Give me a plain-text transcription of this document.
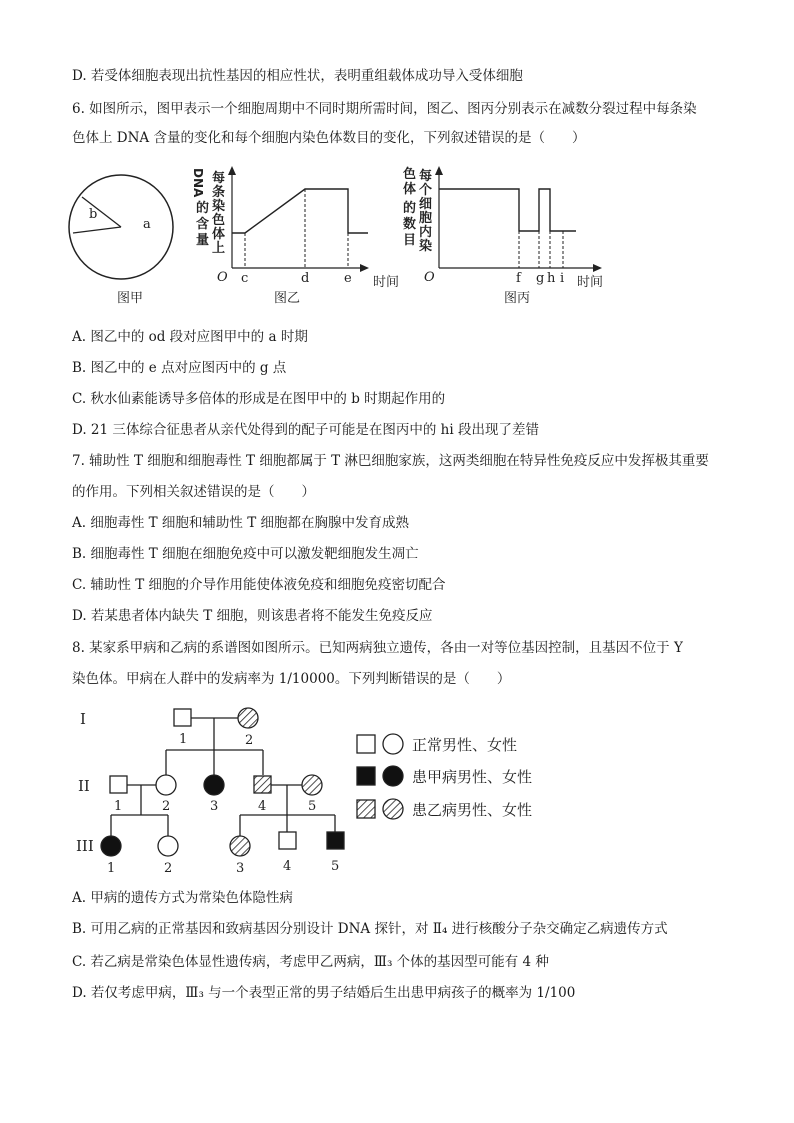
D. 若受体细胞表现出抗性基因的相应性状，表明重组载体成功导入受体细胞
6. 如图所示，图甲表示一个细胞周期中不同时期所需时间，图乙、图丙分别表示在减数分裂过程中每条染
色体上 DNA 含量的变化和每个细胞内染色体数目的变化，下列叙述错误的是（　　）
A. 图乙中的 od 段对应图甲中的 a 时期
B. 图乙中的 e 点对应图丙中的 g 点
C. 秋水仙素能诱导多倍体的形成是在图甲中的 b 时期起作用的
D. 21 三体综合征患者从亲代处得到的配子可能是在图丙中的 hi 段出现了差错
7. 辅助性 T 细胞和细胞毒性 T 细胞都属于 T 淋巴细胞家族，这两类细胞在特异性免疫反应中发挥极其重要
的作用。下列相关叙述错误的是（　　）
A. 细胞毒性 T 细胞和辅助性 T 细胞都在胸腺中发育成熟
B. 细胞毒性 T 细胞在细胞免疫中可以激发靶细胞发生凋亡
C. 辅助性 T 细胞的介导作用能使体液免疫和细胞免疫密切配合
D. 若某患者体内缺失 T 细胞，则该患者将不能发生免疫反应
8. 某家系甲病和乙病的系谱图如图所示。已知两病独立遗传，各由一对等位基因控制，且基因不位于 Y
染色体。甲病在人群中的发病率为 1/10000。下列判断错误的是（　　）
A. 甲病的遗传方式为常染色体隐性病
B. 可用乙病的正常基因和致病基因分别设计 DNA 探针，对 Ⅱ₄ 进行核酸分子杂交确定乙病遗传方式
C. 若乙病是常染色体显性遗传病，考虑甲乙两病，Ⅲ₃ 个体的基因型可能有 4 种
D. 若仅考虑甲病，Ⅲ₃ 与一个表型正常的男子结婚后生出患甲病孩子的概率为 1/100
b
a
图甲
每
条
染
色
体
上
的
含
量
DNA
O c	d	e 时间
图乙
每
个
细
胞
内
染
色
体
的
数
目
O	f g h i 时间
图丙
I
II
III
1	2
1	2	3	4	5
1	2	3	4	5
正常男性、女性
患甲病男性、女性
患乙病男性、女性
